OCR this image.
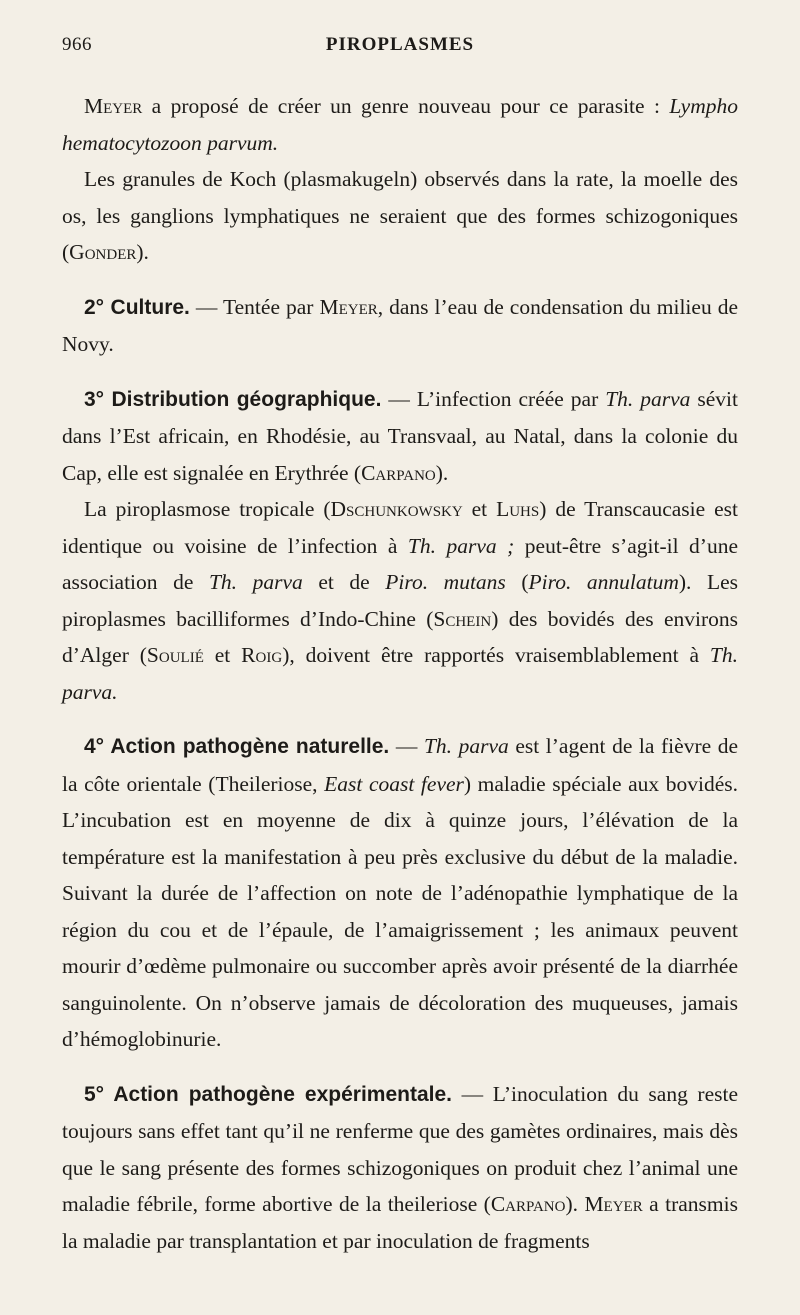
966	PIROPLASMES

Meyer a proposé de créer un genre nouveau pour ce parasite : Lympho hematocytozoon parvum.

Les granules de Koch (plasmakugeln) observés dans la rate, la moelle des os, les ganglions lymphatiques ne seraient que des formes schizogoniques (Gonder).

2° Culture. — Tentée par Meyer, dans l’eau de condensation du milieu de Novy.

3° Distribution géographique. — L’infection créée par Th. parva sévit dans l’Est africain, en Rhodésie, au Transvaal, au Natal, dans la colonie du Cap, elle est signalée en Erythrée (Carpano).

La piroplasmose tropicale (Dschunkowsky et Luhs) de Transcaucasie est identique ou voisine de l’infection à Th. parva ; peut-être s’agit-il d’une association de Th. parva et de Piro. mutans (Piro. annulatum). Les piroplasmes bacilliformes d’Indo-Chine (Schein) des bovidés des environs d’Alger (Soulié et Roig), doivent être rapportés vraisemblablement à Th. parva.

4° Action pathogène naturelle. — Th. parva est l’agent de la fièvre de la côte orientale (Theileriose, East coast fever) maladie spéciale aux bovidés. L’incubation est en moyenne de dix à quinze jours, l’élévation de la température est la manifestation à peu près exclusive du début de la maladie. Suivant la durée de l’affection on note de l’adénopathie lymphatique de la région du cou et de l’épaule, de l’amaigrissement ; les animaux peuvent mourir d’œdème pulmonaire ou succomber après avoir présenté de la diarrhée sanguinolente. On n’observe jamais de décoloration des muqueuses, jamais d’hémoglobinurie.

5° Action pathogène expérimentale. — L’inoculation du sang reste toujours sans effet tant qu’il ne renferme que des gamètes ordinaires, mais dès que le sang présente des formes schizogoniques on produit chez l’animal une maladie fébrile, forme abortive de la theileriose (Carpano). Meyer a transmis la maladie par transplantation et par inoculation de fragments
